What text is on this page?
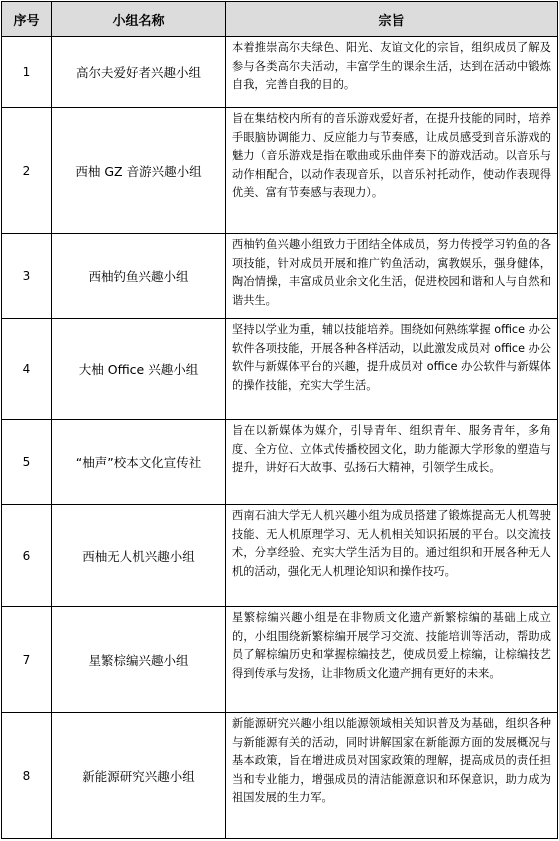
序号	小组名称	宗旨
1	高尔夫爱好者兴趣小组	本着推崇高尔夫绿色、阳光、友谊文化的宗旨，组织成员了解及参与各类高尔夫活动，丰富学生的课余生活，达到在活动中锻炼自我，完善自我的目的。
2	西柚 GZ 音游兴趣小组	旨在集结校内所有的音乐游戏爱好者，在提升技能的同时，培养手眼脑协调能力、反应能力与节奏感，让成员感受到音乐游戏的魅力（音乐游戏是指在歌曲或乐曲伴奏下的游戏活动。以音乐与动作相配合，以动作表现音乐，以音乐衬托动作，使动作表现得优美、富有节奏感与表现力）。
3	西柚钓鱼兴趣小组	西柚钓鱼兴趣小组致力于团结全体成员，努力传授学习钓鱼的各项技能，针对成员开展和推广钓鱼活动，寓教娱乐，强身健体，陶冶情操，丰富成员业余文化生活，促进校园和谐和人与自然和谐共生。
4	大柚 Office 兴趣小组	坚持以学业为重，辅以技能培养。围绕如何熟练掌握 office 办公软件各项技能，开展各种各样活动，以此激发成员对 office 办公软件与新媒体平台的兴趣，提升成员对 office 办公软件与新媒体的操作技能，充实大学生活。
5	“柚声”校本文化宣传社	旨在以新媒体为媒介，引导青年、组织青年、服务青年，多角度、全方位、立体式传播校园文化，助力能源大学形象的塑造与提升，讲好石大故事、弘扬石大精神，引领学生成长。
6	西柚无人机兴趣小组	西南石油大学无人机兴趣小组为成员搭建了锻炼提高无人机驾驶技能、无人机原理学习、无人机相关知识拓展的平台。以交流技术，分享经验、充实大学生活为目的。通过组织和开展各种无人机的活动，强化无人机理论知识和操作技巧。
7	星繁棕编兴趣小组	星繁棕编兴趣小组是在非物质文化遗产新繁棕编的基础上成立的，小组围绕新繁棕编开展学习交流、技能培训等活动，帮助成员了解棕编历史和掌握棕编技艺，使成员爱上棕编，让棕编技艺得到传承与发扬，让非物质文化遗产拥有更好的未来。
8	新能源研究兴趣小组	新能源研究兴趣小组以能源领域相关知识普及为基础，组织各种与新能源有关的活动，同时讲解国家在新能源方面的发展概况与基本政策，旨在增进成员对国家政策的理解，提高成员的责任担当和专业能力，增强成员的清洁能源意识和环保意识，助力成为祖国发展的生力军。
